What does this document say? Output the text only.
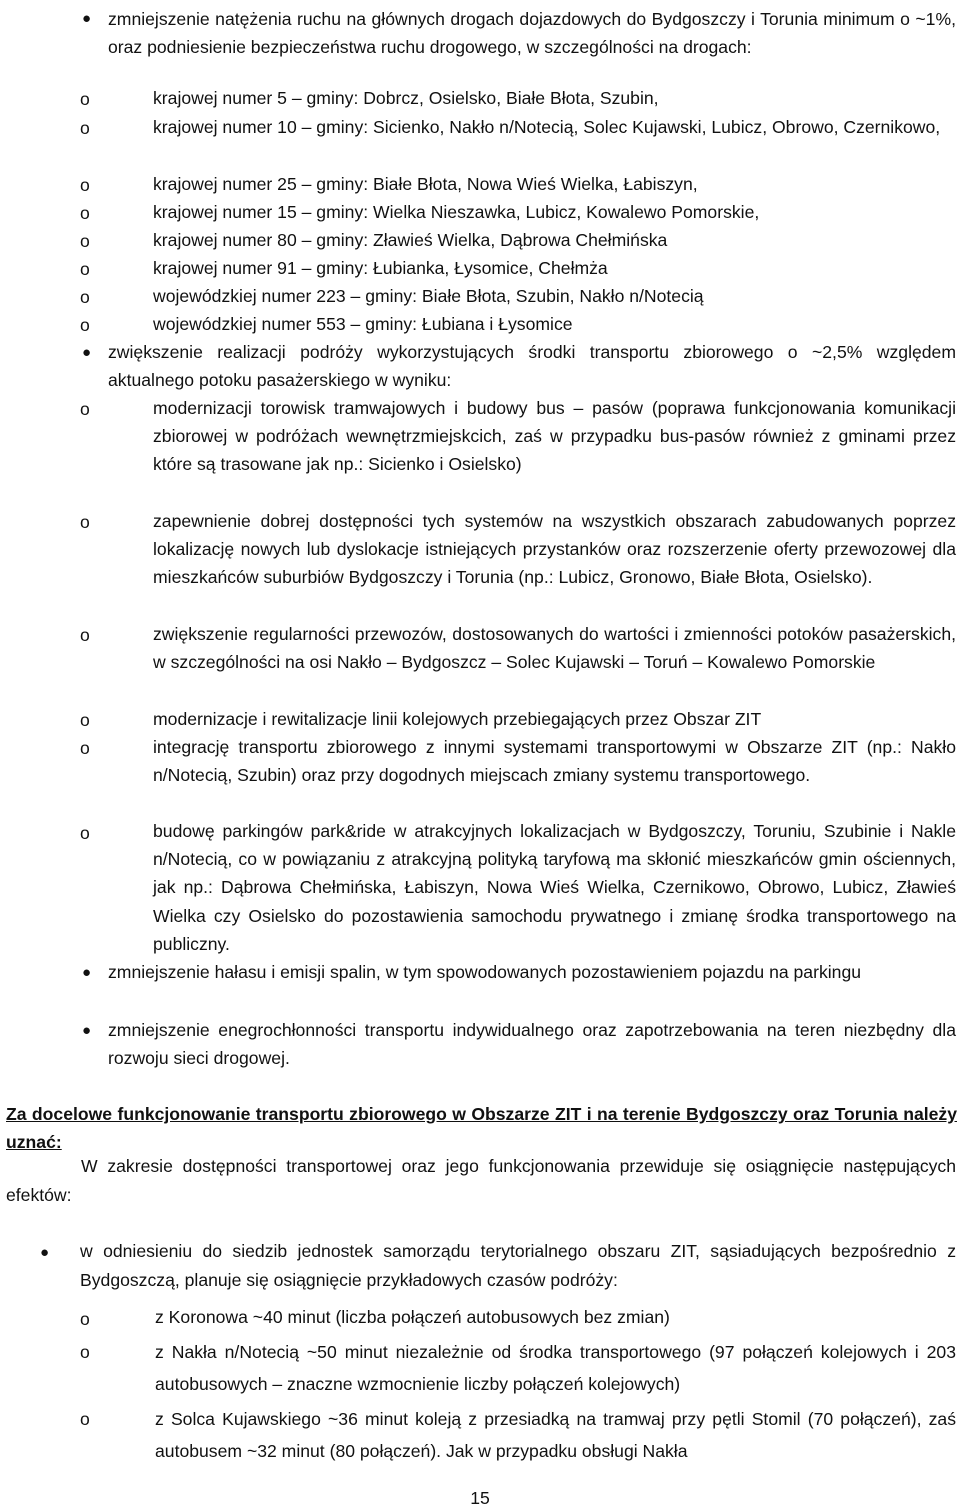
● zmniejszenie natężenia ruchu na głównych drogach dojazdowych do Bydgoszczy i Torunia minimum o ~1%, oraz podniesienie bezpieczeństwa ruchu drogowego, w szczególności na drogach:
o	krajowej numer 5 – gminy: Dobrcz, Osielsko, Białe Błota, Szubin,
o	krajowej numer 10 – gminy: Sicienko, Nakło n/Notecią, Solec Kujawski, Lubicz, Obrowo, Czernikowo,
o	krajowej numer 25 – gminy: Białe Błota, Nowa Wieś Wielka, Łabiszyn,
o	krajowej numer 15 – gminy: Wielka Nieszawka, Lubicz, Kowalewo Pomorskie,
o	krajowej numer 80 – gminy: Zławieś Wielka, Dąbrowa Chełmińska
o	krajowej numer 91 – gminy: Łubianka, Łysomice, Chełmża
o	wojewódzkiej numer 223 – gminy: Białe Błota, Szubin, Nakło n/Notecią
o	wojewódzkiej numer 553 – gminy: Łubiana i Łysomice
● zwiększenie realizacji podróży wykorzystujących środki transportu zbiorowego o ~2,5% względem aktualnego potoku pasażerskiego w wyniku:
o	modernizacji torowisk tramwajowych i budowy bus – pasów (poprawa funkcjonowania komunikacji zbiorowej w podróżach wewnętrzmiejskcich, zaś w przypadku bus-pasów również z gminami przez które są trasowane jak np.: Sicienko i Osielsko)
o	zapewnienie dobrej dostępności tych systemów na wszystkich obszarach zabudowanych poprzez lokalizację nowych lub dyslokacje istniejących przystanków oraz rozszerzenie oferty przewozowej dla mieszkańców suburbiów Bydgoszczy i Torunia (np.: Lubicz, Gronowo, Białe Błota, Osielsko).
o	zwiększenie regularności przewozów, dostosowanych do wartości i zmienności potoków pasażerskich, w szczególności na osi Nakło – Bydgoszcz – Solec Kujawski – Toruń – Kowalewo Pomorskie
o	modernizacje i rewitalizacje linii kolejowych przebiegających przez Obszar ZIT
o	integrację transportu zbiorowego z innymi systemami transportowymi w Obszarze ZIT (np.: Nakło n/Notecią, Szubin) oraz przy dogodnych miejscach zmiany systemu transportowego.
o	budowę parkingów park&ride w atrakcyjnych lokalizacjach w Bydgoszczy, Toruniu, Szubinie i Nakle n/Notecią, co w powiązaniu z atrakcyjną polityką taryfową ma skłonić mieszkańców gmin ościennych, jak np.: Dąbrowa Chełmińska, Łabiszyn, Nowa Wieś Wielka, Czernikowo, Obrowo, Lubicz, Zławieś Wielka czy Osielsko do pozostawienia samochodu prywatnego i zmianę środka transportowego na publiczny.
● zmniejszenie hałasu i emisji spalin, w tym spowodowanych pozostawieniem pojazdu na parkingu
● zmniejszenie enegrochłonności transportu indywidualnego oraz zapotrzebowania na teren niezbędny dla rozwoju sieci drogowej.
Za docelowe funkcjonowanie transportu zbiorowego w Obszarze ZIT i na terenie Bydgoszczy oraz Torunia należy uznać:
W zakresie dostępności transportowej oraz jego funkcjonowania przewiduje się osiągnięcie następujących efektów:
● w odniesieniu do siedzib jednostek samorządu terytorialnego obszaru ZIT, sąsiadujących bezpośrednio z Bydgoszczą, planuje się osiągnięcie przykładowych czasów podróży:
o	z Koronowa ~40 minut (liczba połączeń autobusowych bez zmian)
o	z Nakła n/Notecią ~50 minut niezależnie od środka transportowego (97 połączeń kolejowych i 203 autobusowych – znaczne wzmocnienie liczby połączeń kolejowych)
o	z Solca Kujawskiego ~36 minut koleją z przesiadką na tramwaj przy pętli Stomil (70 połączeń), zaś autobusem ~32 minut (80 połączeń). Jak w przypadku obsługi Nakła
15
